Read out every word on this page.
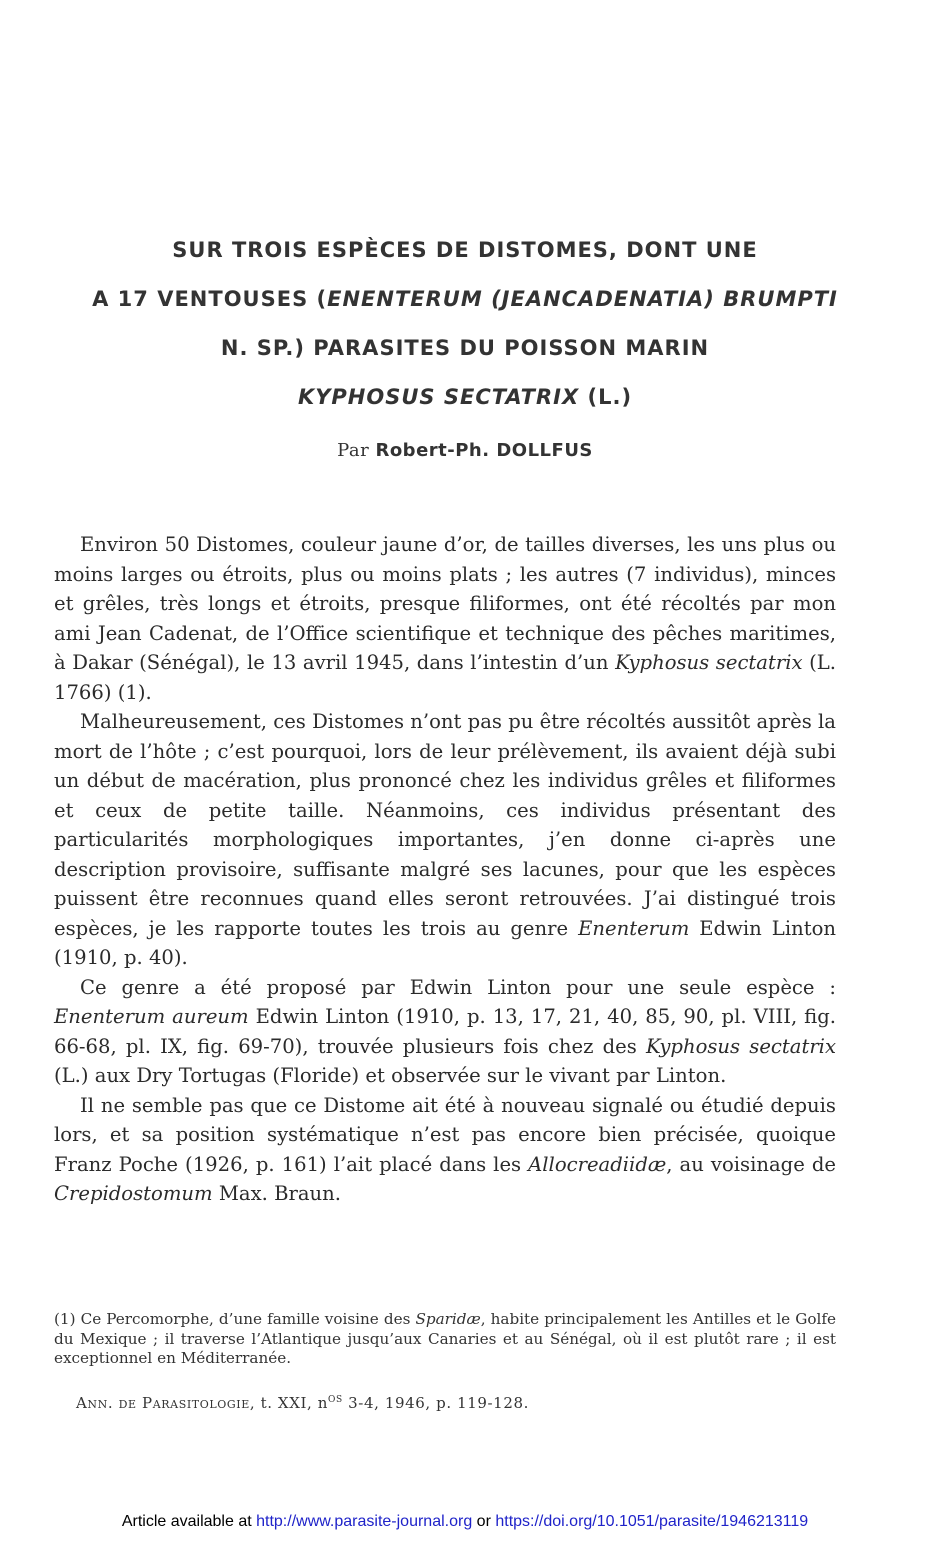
SUR TROIS ESPÈCES DE DISTOMES, DONT UNE
A 17 VENTOUSES (ENENTERUM (JEANCADENATIA) BRUMPTI
N. SP.) PARASITES DU POISSON MARIN
KYPHOSUS SECTATRIX (L.)
Par Robert-Ph. DOLLFUS

Environ 50 Distomes, couleur jaune d’or, de tailles diverses, les uns plus ou moins larges ou étroits, plus ou moins plats ; les autres (7 individus), minces et grêles, très longs et étroits, presque filiformes, ont été récoltés par mon ami Jean Cadenat, de l’Office scientifique et technique des pêches maritimes, à Dakar (Sénégal), le 13 avril 1945, dans l’intestin d’un Kyphosus sectatrix (L. 1766) (1).

Malheureusement, ces Distomes n’ont pas pu être récoltés aussitôt après la mort de l’hôte ; c’est pourquoi, lors de leur prélèvement, ils avaient déjà subi un début de macération, plus prononcé chez les individus grêles et filiformes et ceux de petite taille. Néanmoins, ces individus présentant des particularités morphologiques importantes, j’en donne ci-après une description provisoire, suffisante malgré ses lacunes, pour que les espèces puissent être reconnues quand elles seront retrouvées. J’ai distingué trois espèces, je les rapporte toutes les trois au genre Enenterum Edwin Linton (1910, p. 40).

Ce genre a été proposé par Edwin Linton pour une seule espèce : Enenterum aureum Edwin Linton (1910, p. 13, 17, 21, 40, 85, 90, pl. VIII, fig. 66-68, pl. IX, fig. 69-70), trouvée plusieurs fois chez des Kyphosus sectatrix (L.) aux Dry Tortugas (Floride) et observée sur le vivant par Linton.

Il ne semble pas que ce Distome ait été à nouveau signalé ou étudié depuis lors, et sa position systématique n’est pas encore bien précisée, quoique Franz Poche (1926, p. 161) l’ait placé dans les Allocreadiidæ, au voisinage de Crepidostomum Max. Braun.

(1) Ce Percomorphe, d’une famille voisine des Sparidæ, habite principalement les Antilles et le Golfe du Mexique ; il traverse l’Atlantique jusqu’aux Canaries et au Sénégal, où il est plutôt rare ; il est exceptionnel en Méditerranée.
Ann. de Parasitologie, t. XXI, $n^{os}$ 3-4, 1946, p. 119-128.
Article available at http://www.parasite-journal.org or https://doi.org/10.1051/parasite/1946213119
